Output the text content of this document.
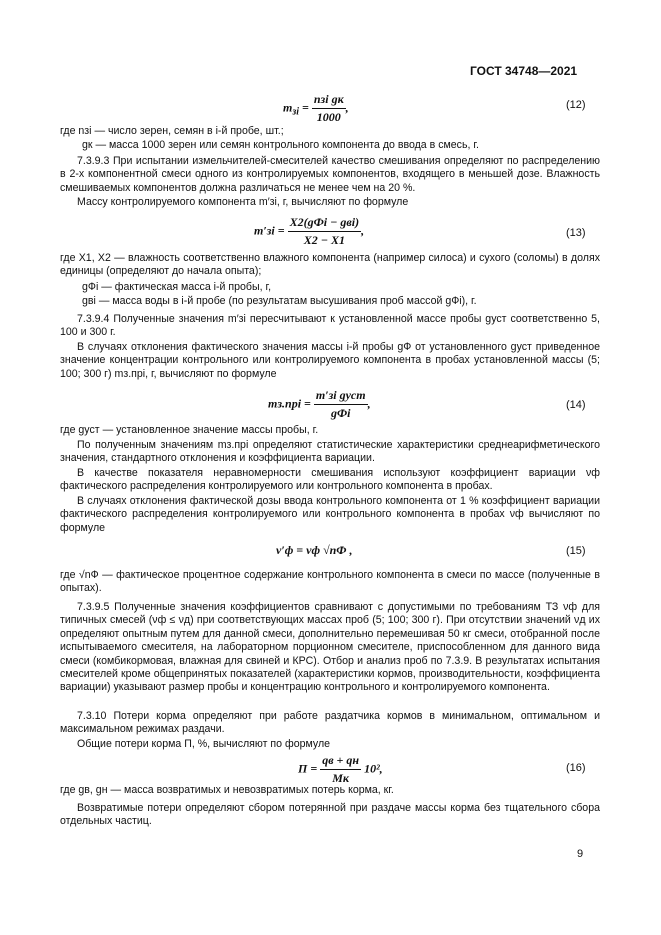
ГОСТ 34748—2021
$m_{зi} = \frac{\text{nзi gк}}{1000}$ ,	(12)
где nзi — число зерен, семян в i-й пробе, шт.;
gк — масса 1000 зерен или семян контрольного компонента до ввода в смесь, г.
7.3.9.3 При испытании измельчителей-смесителей качество смешивания определяют по распределению в 2-х компонентной смеси одного из контролируемых компонентов, входящего в меньшей дозе. Влажность смешиваемых компонентов должна различаться не менее чем на 20 %.
Массу контролируемого компонента m′зi, г, вычисляют по формуле
$m'зi = \frac{\text{X2(gФi − gвi)}}{X2 - X1}$ ,	(13)
где X1, X2 — влажность соответственно влажного компонента (например силоса) и сухого (соломы) в долях единицы (определяют до начала опыта);
gФi — фактическая масса i-й пробы, г,
gвi — масса воды в i-й пробе (по результатам высушивания проб массой gФi), г.
7.3.9.4 Полученные значения m′зi пересчитывают к установленной массе пробы gуст соответственно 5, 100 и 300 г.
В случаях отклонения фактического значения массы i-й пробы gФ от установленного gуст приведенное значение концентрации контрольного или контролируемого компонента в пробах установленной массы (5; 100; 300 г) mз.прi, г, вычисляют по формуле
$mз.прi = \frac{\text{m′зi gуст}}{\text{gФi}}$ ,	(14)
где gуст — установленное значение массы пробы, г.
По полученным значениям mз.прi определяют статистические характеристики среднеарифметического значения, стандартного отклонения и коэффициента вариации.
В качестве показателя неравномерности смешивания используют коэффициент вариации νф фактического распределения контролируемого или контрольного компонента в пробах.
В случаях отклонения фактической дозы ввода контрольного компонента от 1 % коэффициент вариации фактического распределения контролируемого или контрольного компонента в пробах νф вычисляют по формуле
ν′ф = νф √nФ ,	(15)
где √nФ — фактическое процентное содержание контрольного компонента в смеси по массе (полученные в опытах).
7.3.9.5 Полученные значения коэффициентов сравнивают с допустимыми по требованиям ТЗ νф для типичных смесей (νф ≤ νд) при соответствующих массах проб (5; 100; 300 г). При отсутствии значений νд их определяют опытным путем для данной смеси, дополнительно перемешивая 50 кг смеси, отобранной после испытываемого смесителя, на лабораторном порционном смесителе, приспособленном для данного вида смеси (комбикормовая, влажная для свиней и КРС). Отбор и анализ проб по 7.3.9. В результатах испытания смесителей кроме общепринятых показателей (характеристики кормов, производительности, коэффициента вариации) указывают размер пробы и концентрацию контрольного и контролируемого компонента.
7.3.10 Потери корма определяют при работе раздатчика кормов в минимальном, оптимальном и максимальном режимах раздачи.
Общие потери корма П, %, вычисляют по формуле
$П = \frac{qв + qн}{Mк} 10^2$,	(16)
где gв, gн — масса возвратимых и невозвратимых потерь корма, кг.
Возвратимые потери определяют сбором потерянной при раздаче массы корма без тщательного сбора отдельных частиц.
9
